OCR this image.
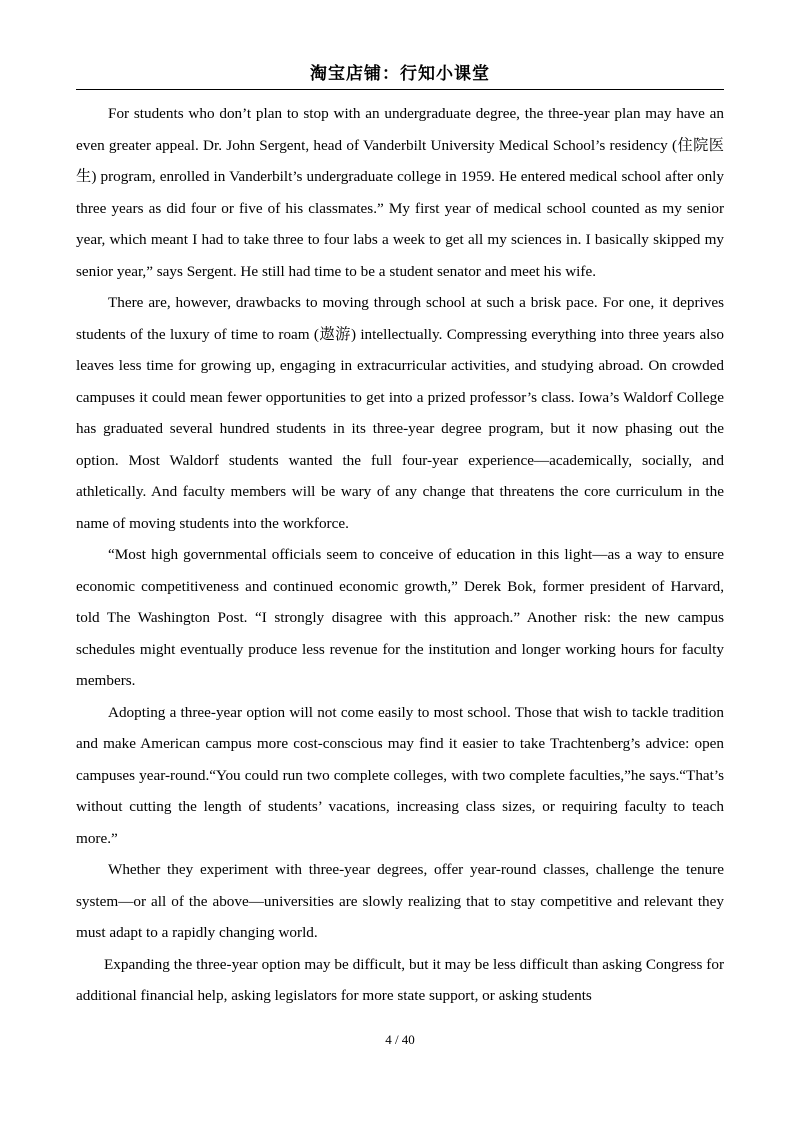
淘宝店铺：行知小课堂

For students who don’t plan to stop with an undergraduate degree, the three-year plan may have an even greater appeal. Dr. John Sergent, head of Vanderbilt University Medical School’s residency (住院医生) program, enrolled in Vanderbilt’s undergraduate college in 1959. He entered medical school after only three years as did four or five of his classmates.” My first year of medical school counted as my senior year, which meant I had to take three to four labs a week to get all my sciences in. I basically skipped my senior year,” says Sergent. He still had time to be a student senator and meet his wife.

There are, however, drawbacks to moving through school at such a brisk pace. For one, it deprives students of the luxury of time to roam (遨游) intellectually. Compressing everything into three years also leaves less time for growing up, engaging in extracurricular activities, and studying abroad. On crowded campuses it could mean fewer opportunities to get into a prized professor’s class. Iowa’s Waldorf College has graduated several hundred students in its three-year degree program, but it now phasing out the option. Most Waldorf students wanted the full four-year experience—academically, socially, and athletically. And faculty members will be wary of any change that threatens the core curriculum in the name of moving students into the workforce.

“Most high governmental officials seem to conceive of education in this light—as a way to ensure economic competitiveness and continued economic growth,” Derek Bok, former president of Harvard, told The Washington Post. “I strongly disagree with this approach.” Another risk: the new campus schedules might eventually produce less revenue for the institution and longer working hours for faculty members.

Adopting a three-year option will not come easily to most school. Those that wish to tackle tradition and make American campus more cost-conscious may find it easier to take Trachtenberg’s advice: open campuses year-round.“You could run two complete colleges, with two complete faculties,”he says.“That’s without cutting the length of students’ vacations, increasing class sizes, or requiring faculty to teach more.”

Whether they experiment with three-year degrees, offer year-round classes, challenge the tenure system—or all of the above—universities are slowly realizing that to stay competitive and relevant they must adapt to a rapidly changing world.

Expanding the three-year option may be difficult, but it may be less difficult than asking Congress for additional financial help, asking legislators for more state support, or asking students

4 / 40
